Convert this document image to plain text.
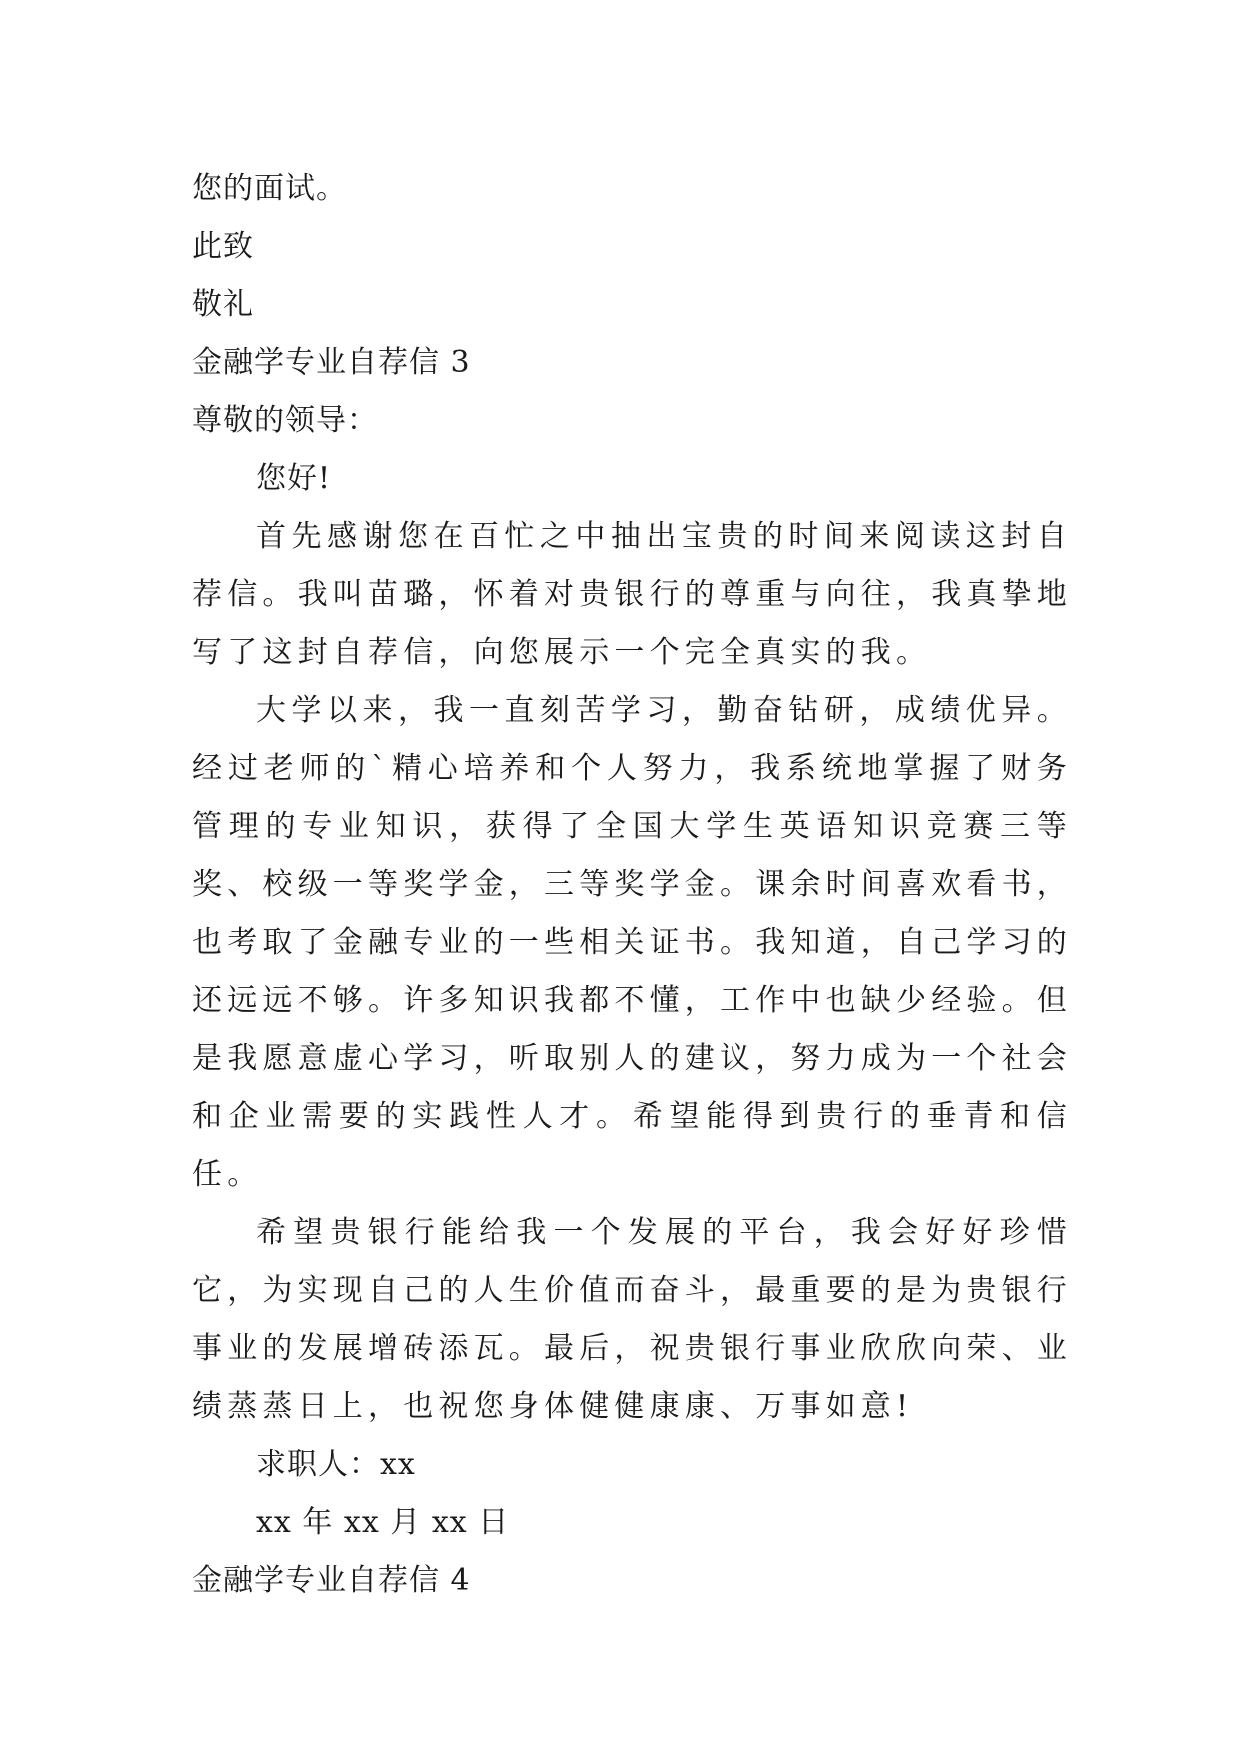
您的面试。
此致
敬礼
金融学专业自荐信 3
尊敬的领导：
您好!

首先感谢您在百忙之中抽出宝贵的时间来阅读这封自荐信。我叫苗璐，怀着对贵银行的尊重与向往，我真挚地写了这封自荐信，向您展示一个完全真实的我。

大学以来，我一直刻苦学习，勤奋钻研，成绩优异。经过老师的`精心培养和个人努力，我系统地掌握了财务管理的专业知识，获得了全国大学生英语知识竞赛三等奖、校级一等奖学金，三等奖学金。课余时间喜欢看书，也考取了金融专业的一些相关证书。我知道，自己学习的还远远不够。许多知识我都不懂，工作中也缺少经验。但是我愿意虚心学习，听取别人的建议，努力成为一个社会和企业需要的实践性人才。希望能得到贵行的垂青和信任。

希望贵银行能给我一个发展的平台，我会好好珍惜它，为实现自己的人生价值而奋斗，最重要的是为贵银行事业的发展增砖添瓦。最后，祝贵银行事业欣欣向荣、业绩蒸蒸日上，也祝您身体健健康康、万事如意!

求职人：xx
xx 年 xx 月 xx 日
金融学专业自荐信 4
